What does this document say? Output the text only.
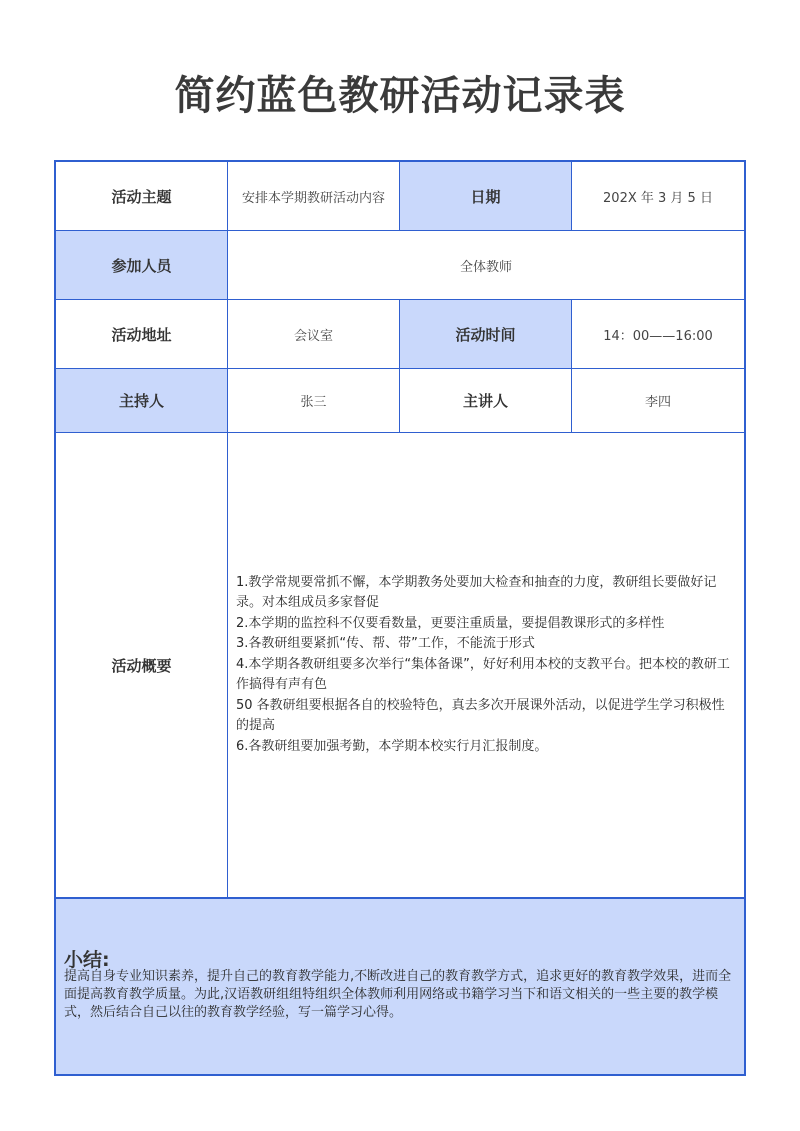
简约蓝色教研活动记录表
活动主题	安排本学期教研活动内容	日期	202X 年 3 月 5 日
参加人员	全体教师
活动地址	会议室	活动时间	14：00——16:00
主持人	张三	主讲人	李四
活动概要
1.教学常规要常抓不懈，本学期教务处要加大检查和抽查的力度，教研组长要做好记录。对本组成员多家督促
2.本学期的监控科不仅要看数量，更要注重质量，要提倡教课形式的多样性
3.各教研组要紧抓“传、帮、带”工作，不能流于形式
4.本学期各教研组要多次举行“集体备课”，好好利用本校的支教平台。把本校的教研工作搞得有声有色
50 各教研组要根据各自的校验特色，真去多次开展课外活动，以促进学生学习积极性的提高
6.各教研组要加强考勤，本学期本校实行月汇报制度。
小结:
提高自身专业知识素养，提升自己的教育教学能力,不断改进自己的教育教学方式，追求更好的教育教学效果，进而全面提高教育教学质量。为此,汉语教研组组特组织全体教师利用网络或书籍学习当下和语文相关的一些主要的教学模式，然后结合自己以往的教育教学经验，写一篇学习心得。
